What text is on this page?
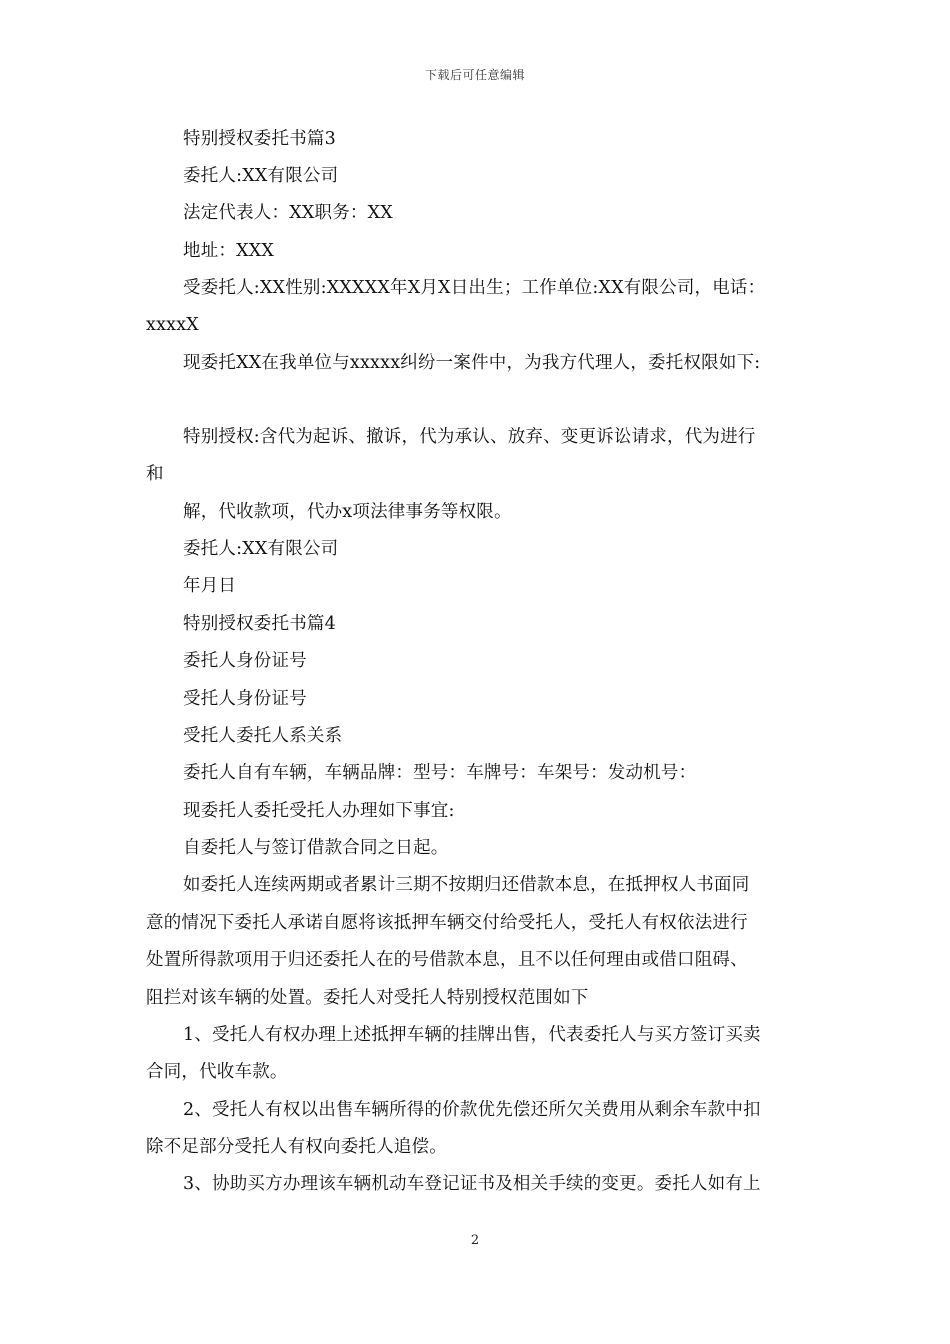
下载后可任意编辑
特别授权委托书篇3
委托人:XX有限公司
法定代表人：XX职务：XX
地址：XXX
受委托人:XX性别:XXXXX年X月X日出生；工作单位:XX有限公司，电话：
xxxxX
现委托XX在我单位与xxxxx纠纷一案件中，为我方代理人，委托权限如下:
特别授权:含代为起诉、撤诉，代为承认、放弃、变更诉讼请求，代为进行
和
解，代收款项，代办x项法律事务等权限。
委托人:XX有限公司
年月日
特别授权委托书篇4
委托人身份证号
受托人身份证号
受托人委托人系关系
委托人自有车辆，车辆品牌：型号：车牌号：车架号：发动机号：
现委托人委托受托人办理如下事宜:
自委托人与签订借款合同之日起。
如委托人连续两期或者累计三期不按期归还借款本息，在抵押权人书面同
意的情况下委托人承诺自愿将该抵押车辆交付给受托人，受托人有权依法进行
处置所得款项用于归还委托人在的号借款本息，且不以任何理由或借口阻碍、
阻拦对该车辆的处置。委托人对受托人特别授权范围如下
1、受托人有权办理上述抵押车辆的挂牌出售，代表委托人与买方签订买卖
合同，代收车款。
2、受托人有权以出售车辆所得的价款优先偿还所欠关费用从剩余车款中扣
除不足部分受托人有权向委托人追偿。
3、协助买方办理该车辆机动车登记证书及相关手续的变更。委托人如有上
2
